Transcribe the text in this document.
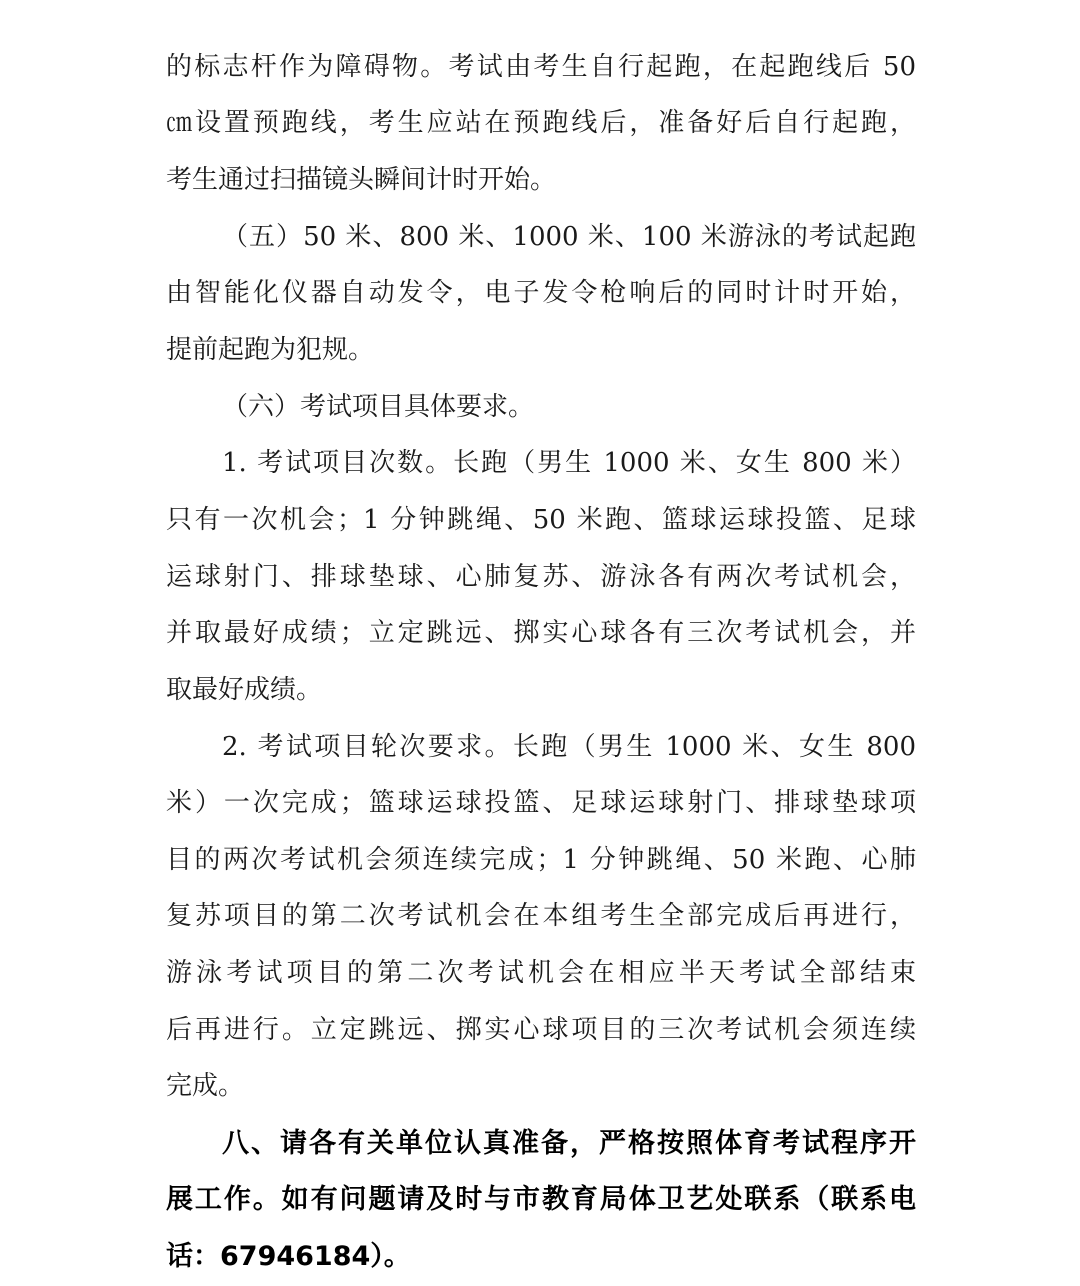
的标志杆作为障碍物。考试由考生自行起跑，在起跑线后 50
㎝设置预跑线，考生应站在预跑线后，准备好后自行起跑，
考生通过扫描镜头瞬间计时开始。
（五）50 米、800 米、1000 米、100 米游泳的考试起跑
由智能化仪器自动发令，电子发令枪响后的同时计时开始，
提前起跑为犯规。
（六）考试项目具体要求。
1. 考试项目次数。长跑（男生 1000 米、女生 800 米）
只有一次机会；1 分钟跳绳、50 米跑、篮球运球投篮、足球
运球射门、排球垫球、心肺复苏、游泳各有两次考试机会，
并取最好成绩；立定跳远、掷实心球各有三次考试机会，并
取最好成绩。
2. 考试项目轮次要求。长跑（男生 1000 米、女生 800
米）一次完成；篮球运球投篮、足球运球射门、排球垫球项
目的两次考试机会须连续完成；1 分钟跳绳、50 米跑、心肺
复苏项目的第二次考试机会在本组考生全部完成后再进行，
游泳考试项目的第二次考试机会在相应半天考试全部结束
后再进行。立定跳远、掷实心球项目的三次考试机会须连续
完成。
八、请各有关单位认真准备，严格按照体育考试程序开
展工作。如有问题请及时与市教育局体卫艺处联系（联系电
话：67946184）。
